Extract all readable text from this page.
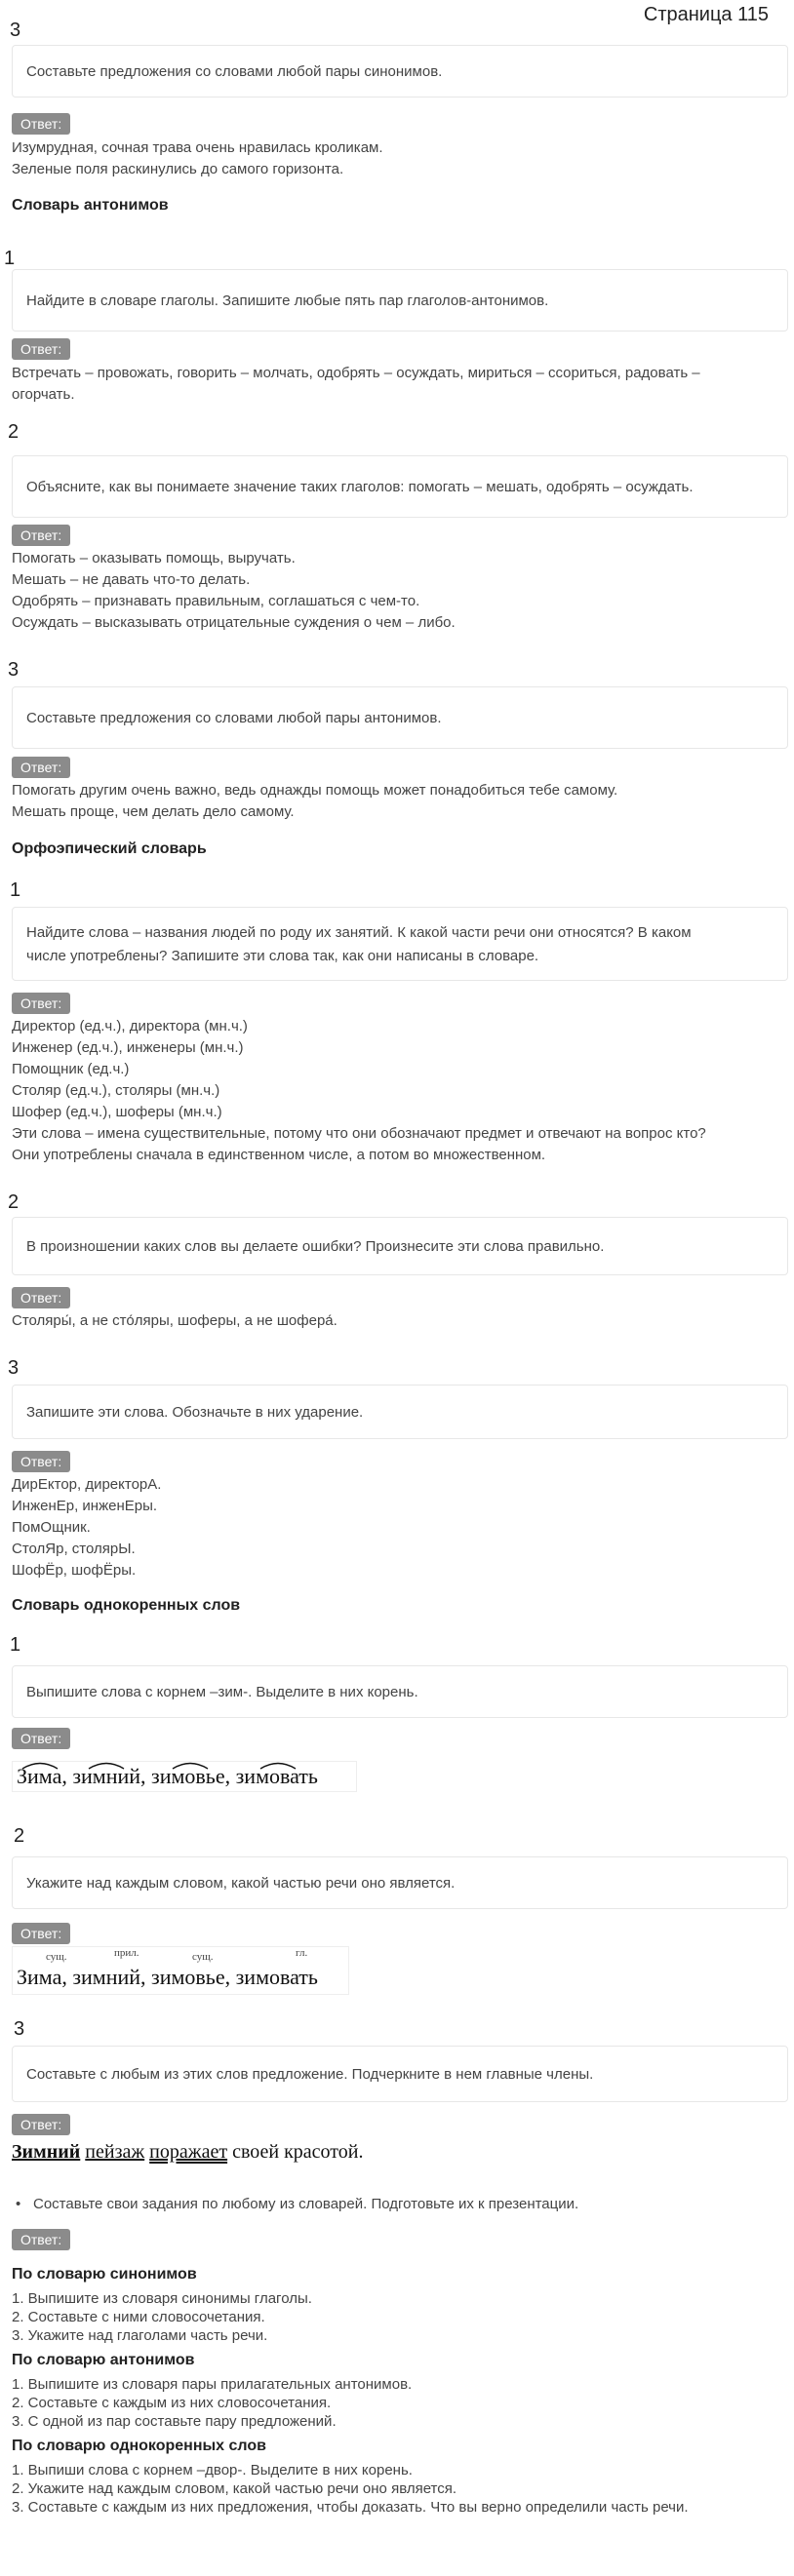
Страница 115
3
Составьте предложения со словами любой пары синонимов.
Ответ:
Изумрудная, сочная трава очень нравилась кроликам.
Зеленые поля раскинулись до самого горизонта.
Словарь антонимов
1
Найдите в словаре глаголы. Запишите любые пять пар глаголов-антонимов.
Ответ:
Встречать – провожать, говорить – молчать, одобрять – осуждать, мириться – ссориться, радовать –
огорчать.
2
Объясните, как вы понимаете значение таких глаголов: помогать – мешать, одобрять – осуждать.
Ответ:
Помогать – оказывать помощь, выручать.
Мешать – не давать что-то делать.
Одобрять – признавать правильным, соглашаться с чем-то.
Осуждать – высказывать отрицательные суждения о чем – либо.
3
Составьте предложения со словами любой пары антонимов.
Ответ:
Помогать другим очень важно, ведь однажды помощь может понадобиться тебе самому.
Мешать проще, чем делать дело самому.
Орфоэпический словарь
1
Найдите слова – названия людей по роду их занятий. К какой части речи они относятся? В каком
числе употреблены? Запишите эти слова так, как они написаны в словаре.
Ответ:
Директор (ед.ч.), директора (мн.ч.)
Инженер (ед.ч.), инженеры (мн.ч.)
Помощник (ед.ч.)
Столяр (ед.ч.), столяры (мн.ч.)
Шофер (ед.ч.), шоферы (мн.ч.)
Эти слова – имена существительные, потому что они обозначают предмет и отвечают на вопрос кто?
Они употреблены сначала в единственном числе, а потом во множественном.
2
В произношении каких слов вы делаете ошибки? Произнесите эти слова правильно.
Ответ:
Столяры́, а не сто́ляры, шоферы, а не шофера́.
3
Запишите эти слова. Обозначьте в них ударение.
Ответ:
ДирЕктор, директорА.
ИнженЕр, инженЕры.
ПомОщник.
СтолЯр, столярЫ.
ШофЁр, шофЁры.
Словарь однокоренных слов
1
Выпишите слова с корнем –зим-. Выделите в них корень.
Ответ:
Зима, зимний, зимовье, зимовать
2
Укажите над каждым словом, какой частью речи оно является.
Ответ:
сущ.	прил.	сущ.	гл.
Зима, зимний, зимовье, зимовать
3
Составьте с любым из этих слов предложение. Подчеркните в нем главные члены.
Ответ:
Зимний пейзаж поражает своей красотой.
• Составьте свои задания по любому из словарей. Подготовьте их к презентации.
Ответ:
По словарю синонимов
1. Выпишите из словаря синонимы глаголы.
2. Составьте с ними словосочетания.
3. Укажите над глаголами часть речи.
По словарю антонимов
1. Выпишите из словаря пары прилагательных антонимов.
2. Составьте с каждым из них словосочетания.
3. С одной из пар составьте пару предложений.
По словарю однокоренных слов
1. Выпиши слова с корнем –двор-. Выделите в них корень.
2. Укажите над каждым словом, какой частью речи оно является.
3. Составьте с каждым из них предложения, чтобы доказать. Что вы верно определили часть речи.
